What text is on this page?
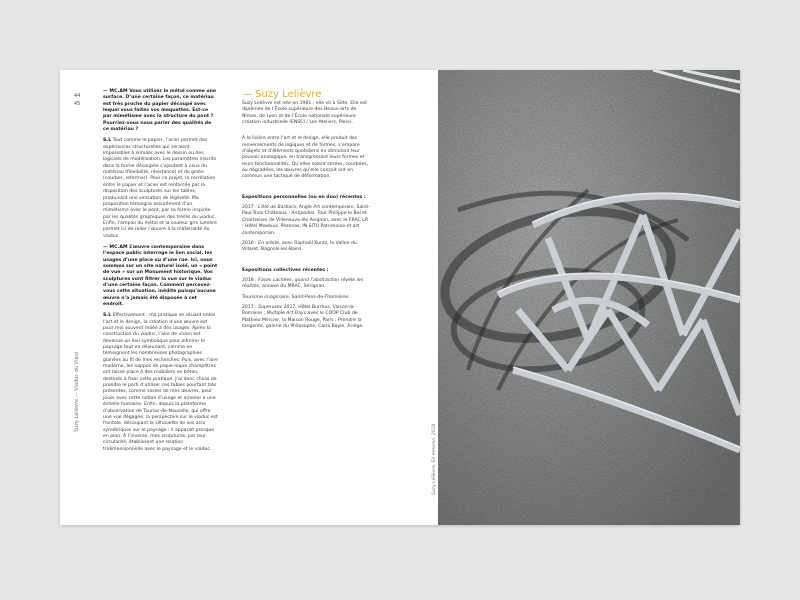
44
45
Suzy Lelièvre — Viaduc du Viaur

— MC.AM Vous utilisez le métal comme une surface. D’une certaine façon, ce matériau est très proche du papier découpé avec lequel vous faites vos maquettes. Est-ce par mimétisme avec la structure du pont ? Pourriez-vous nous parler des qualités de ce matériau ?

S.L Tout comme le papier, l’acier permet des expériences structurelles qui seraient impossibles à simuler avec le dessin ou des logiciels de modélisation. Les paramètres inscrits dans la forme découpée s’ajoutent à ceux du matériau (flexibilité, résistance) et du geste (courber, refermer). Pour ce projet, la corrélation entre le papier et l’acier est renforcée par la disposition des sculptures sur les tables, produisant une sensation de légèreté. Ma proposition témoigne assurément d’un mimétisme avec le pont, par sa forme inspirée par les qualités graphiques des treillis du viaduc. Enfin, l’emploi du métal et la couleur gris lumière permet ici de relier l’œuvre à la matérialité du viaduc.

— MC.AM L’œuvre contemporaine dans l’espace public interroge le lien social, les usages d’une place ou d’une rue. Ici, nous sommes sur un site naturel isolé, un « point de vue » sur un Monument historique. Vos sculptures vont filtrer la vue sur le viaduc d’une certaine façon. Comment percevez-vous cette situation, inédite puisqu’aucune œuvre n’a jamais été disposée à cet endroit.

S.L Effectivement : ma pratique se situant entre l’art et le design, la création d’une œuvre est pour moi souvent reliée à des usages. Après la construction du viaduc, l’aire de vision est devenue un lieu symbolique pour admirer le paysage tout en déjeunant, comme en témoignent les nombreuses photographies glanées au fil de mes recherches. Puis, avec l’aire moderne, les nappes de pique-nique champêtres ont laissé place à des mobiliers en béton, destinés à fixer cette pratique. J’ai donc choisi de prendre le parti d’utiliser ces tables pourtant très présentes, comme socles de mes œuvres, pour jouer avec cette notion d’usage et amener à une échelle humaine. Enfin, depuis la plateforme d’observation de Tauriac-de-Naucelle, qui offre une vue dégagée, la perspective sur le viaduc est frontale, découpant la silhouette de ses arcs symétriques sur le paysage : il apparaît presque en plan. À l’inverse, mes sculptures, par leur circularité, établissent une relation tridimensionnelle avec le paysage et le viaduc.

— Suzy Lelièvre

Suzy Lelièvre est née en 1981 ; elle vit à Sète. Elle est diplômée de l’École supérieure des Beaux-arts de Nîmes, de Lyon et de l’École nationale supérieure création industrielle (ENSCI / Les Ateliers, Paris).

À la lisière entre l’art et le design, elle produit des renversements de logiques et de formes, s’empare d’objets et d’éléments quotidiens en stimulant leur pouvoir analogique, en transgressant leurs formes et leurs fonctionnalités. Qu’elles soient striées, courbées, ou dégradées, les œuvres qu’elle conçoit ont en commun une tactique de déformation.

Expositions personnelles (ou en duo) récentes :

2017 : L’été de Barbara, Angle Art contemporain, Saint-Paul-Trois-Châteaux ; Antipodes. Tour Philippe le Bel et Chartreuse de Villeneuve-lès-Avignon, avec le FRAC LR ; Hôtel Moebius, Pézenas, IN SITU Patrimoine et art contemporain.

2016 : En orbite, avec Raphaël Kuntz, le Vallon du Villaret, Bagnols-les-Bains.

Expositions collectives récentes :

2018 : Faces cachées, quand l’abstraction révèle les réalités, annexe du MRAC, Sérignan.

Tourisme imaginaire, Saint-Pons-de-Thomières.

2017 : Superuses 2017, Hôtel Burrhus, Vaison-la-Romaine ; Multiple Art Days avec le COOP Club de Mathieu Mercier, la Maison Rouge, Paris ; Prendre la tangente, galerie du Philosophe, Carla Bayle, Ariège.

Suzy Lelièvre, En entorse, 2018
